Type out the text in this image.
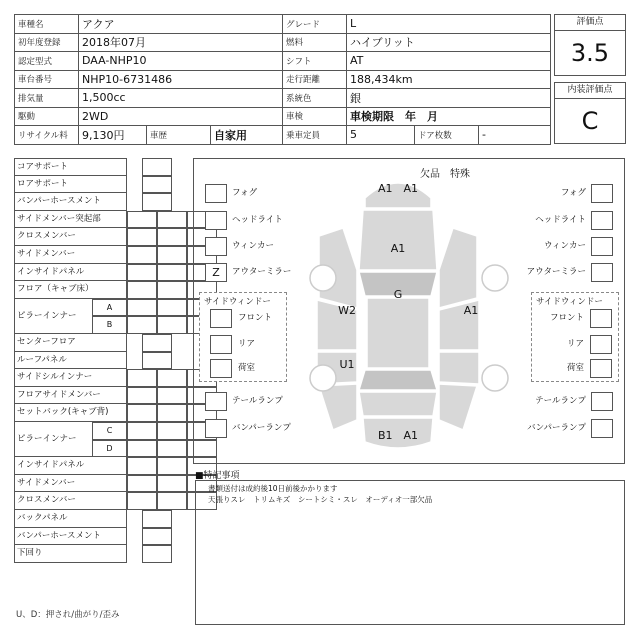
車種名	アクア			グレード	L		
初年度登録	2018年07月			燃料	ハイブリット		
認定型式	DAA-NHP10			シフト	AT		
車台番号	NHP10-6731486			走行距離	188,434km		
排気量	1,500cc			系統色	銀		
駆動	2WD			車検	車検期限　年　月		
リサイクル料	9,130円	車歴	自家用	乗車定員	5	ドア枚数	-
評価点
3.5
内装評価点
C
コアサポート
ロアサポート
バンパーホースメント
サイドメンバー突起部
クロスメンバー
サイドメンバー
インサイドパネル
フロア（キャブ床）
ピラーインナー
A
B
センターフロア
ルーフパネル
サイドシルインナー
フロアサイドメンバー
セットバック(キャブ背)
ピラーインナー
C
D
インサイドパネル
サイドメンバー
クロスメンバー
バックパネル
バンパーホースメント
下回り
U、D：押され/曲がり/歪み
欠品　特殊
A1　A1
A1
G
W2
U1
A1
B1　A1
フォグ
ヘッドライト
ウィンカー
Z	アウターミラー
フォグ
ヘッドライト
ウィンカー
アウターミラー
サイドウィンドー
フロント
リア
荷室
サイドウィンドー
フロント
リア
荷室
テールランプ	テールランプ
バンパーランプ	バンパーランプ
■特記事項
書類送付は成約後10日前後かかります
天張りスレ　トリムキズ　シートシミ・スレ　オーディオ一部欠品
